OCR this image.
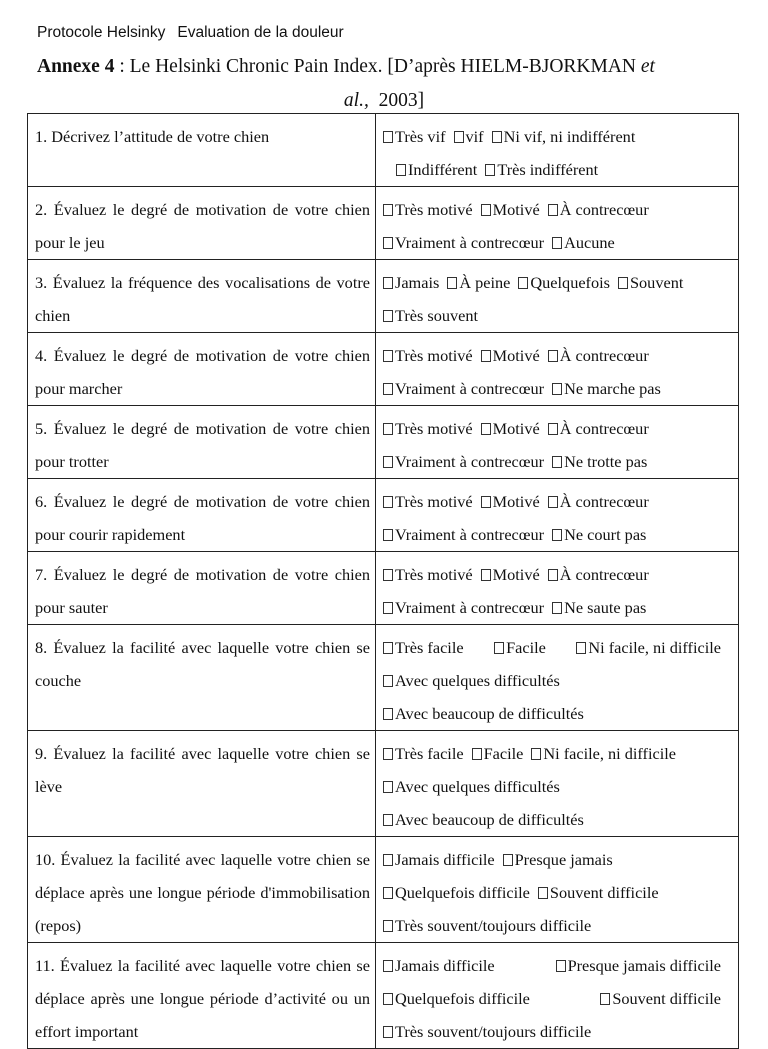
Protocole Helsinky Evaluation de la douleur
Annexe 4 : Le Helsinki Chronic Pain Index. [D’après HIELM-BJORKMAN et
al., 2003]
1. Décrivez l’attitude de votre chien	Très vif vif Ni vif, ni indifférent
Indifférent Très indifférent

2. Évaluez le degré de motivation de votre chien pour le jeu	Très motivé Motivé À contrecœur
Vraiment à contrecœur Aucune

3. Évaluez la fréquence des vocalisations de votre chien	Jamais À peine Quelquefois Souvent
Très souvent

4. Évaluez le degré de motivation de votre chien pour marcher	Très motivé Motivé À contrecœur
Vraiment à contrecœur Ne marche pas

5. Évaluez le degré de motivation de votre chien pour trotter	Très motivé Motivé À contrecœur
Vraiment à contrecœur Ne trotte pas

6. Évaluez le degré de motivation de votre chien pour courir rapidement	Très motivé Motivé À contrecœur
Vraiment à contrecœur Ne court pas

7. Évaluez le degré de motivation de votre chien pour sauter	Très motivé Motivé À contrecœur
Vraiment à contrecœur Ne saute pas

8. Évaluez la facilité avec laquelle votre chien se couche	Très facile Facile Ni facile, ni difficile
Avec quelques difficultés
Avec beaucoup de difficultés

9. Évaluez la facilité avec laquelle votre chien se lève	Très facile Facile Ni facile, ni difficile
Avec quelques difficultés
Avec beaucoup de difficultés

10. Évaluez la facilité avec laquelle votre chien se déplace après une longue période d'immobilisation (repos)	Jamais difficile Presque jamais
Quelquefois difficile Souvent difficile
Très souvent/toujours difficile

11. Évaluez la facilité avec laquelle votre chien se déplace après une longue période d’activité ou un effort important	Jamais difficile Presque jamais difficile
Quelquefois difficile Souvent difficile
Très souvent/toujours difficile
